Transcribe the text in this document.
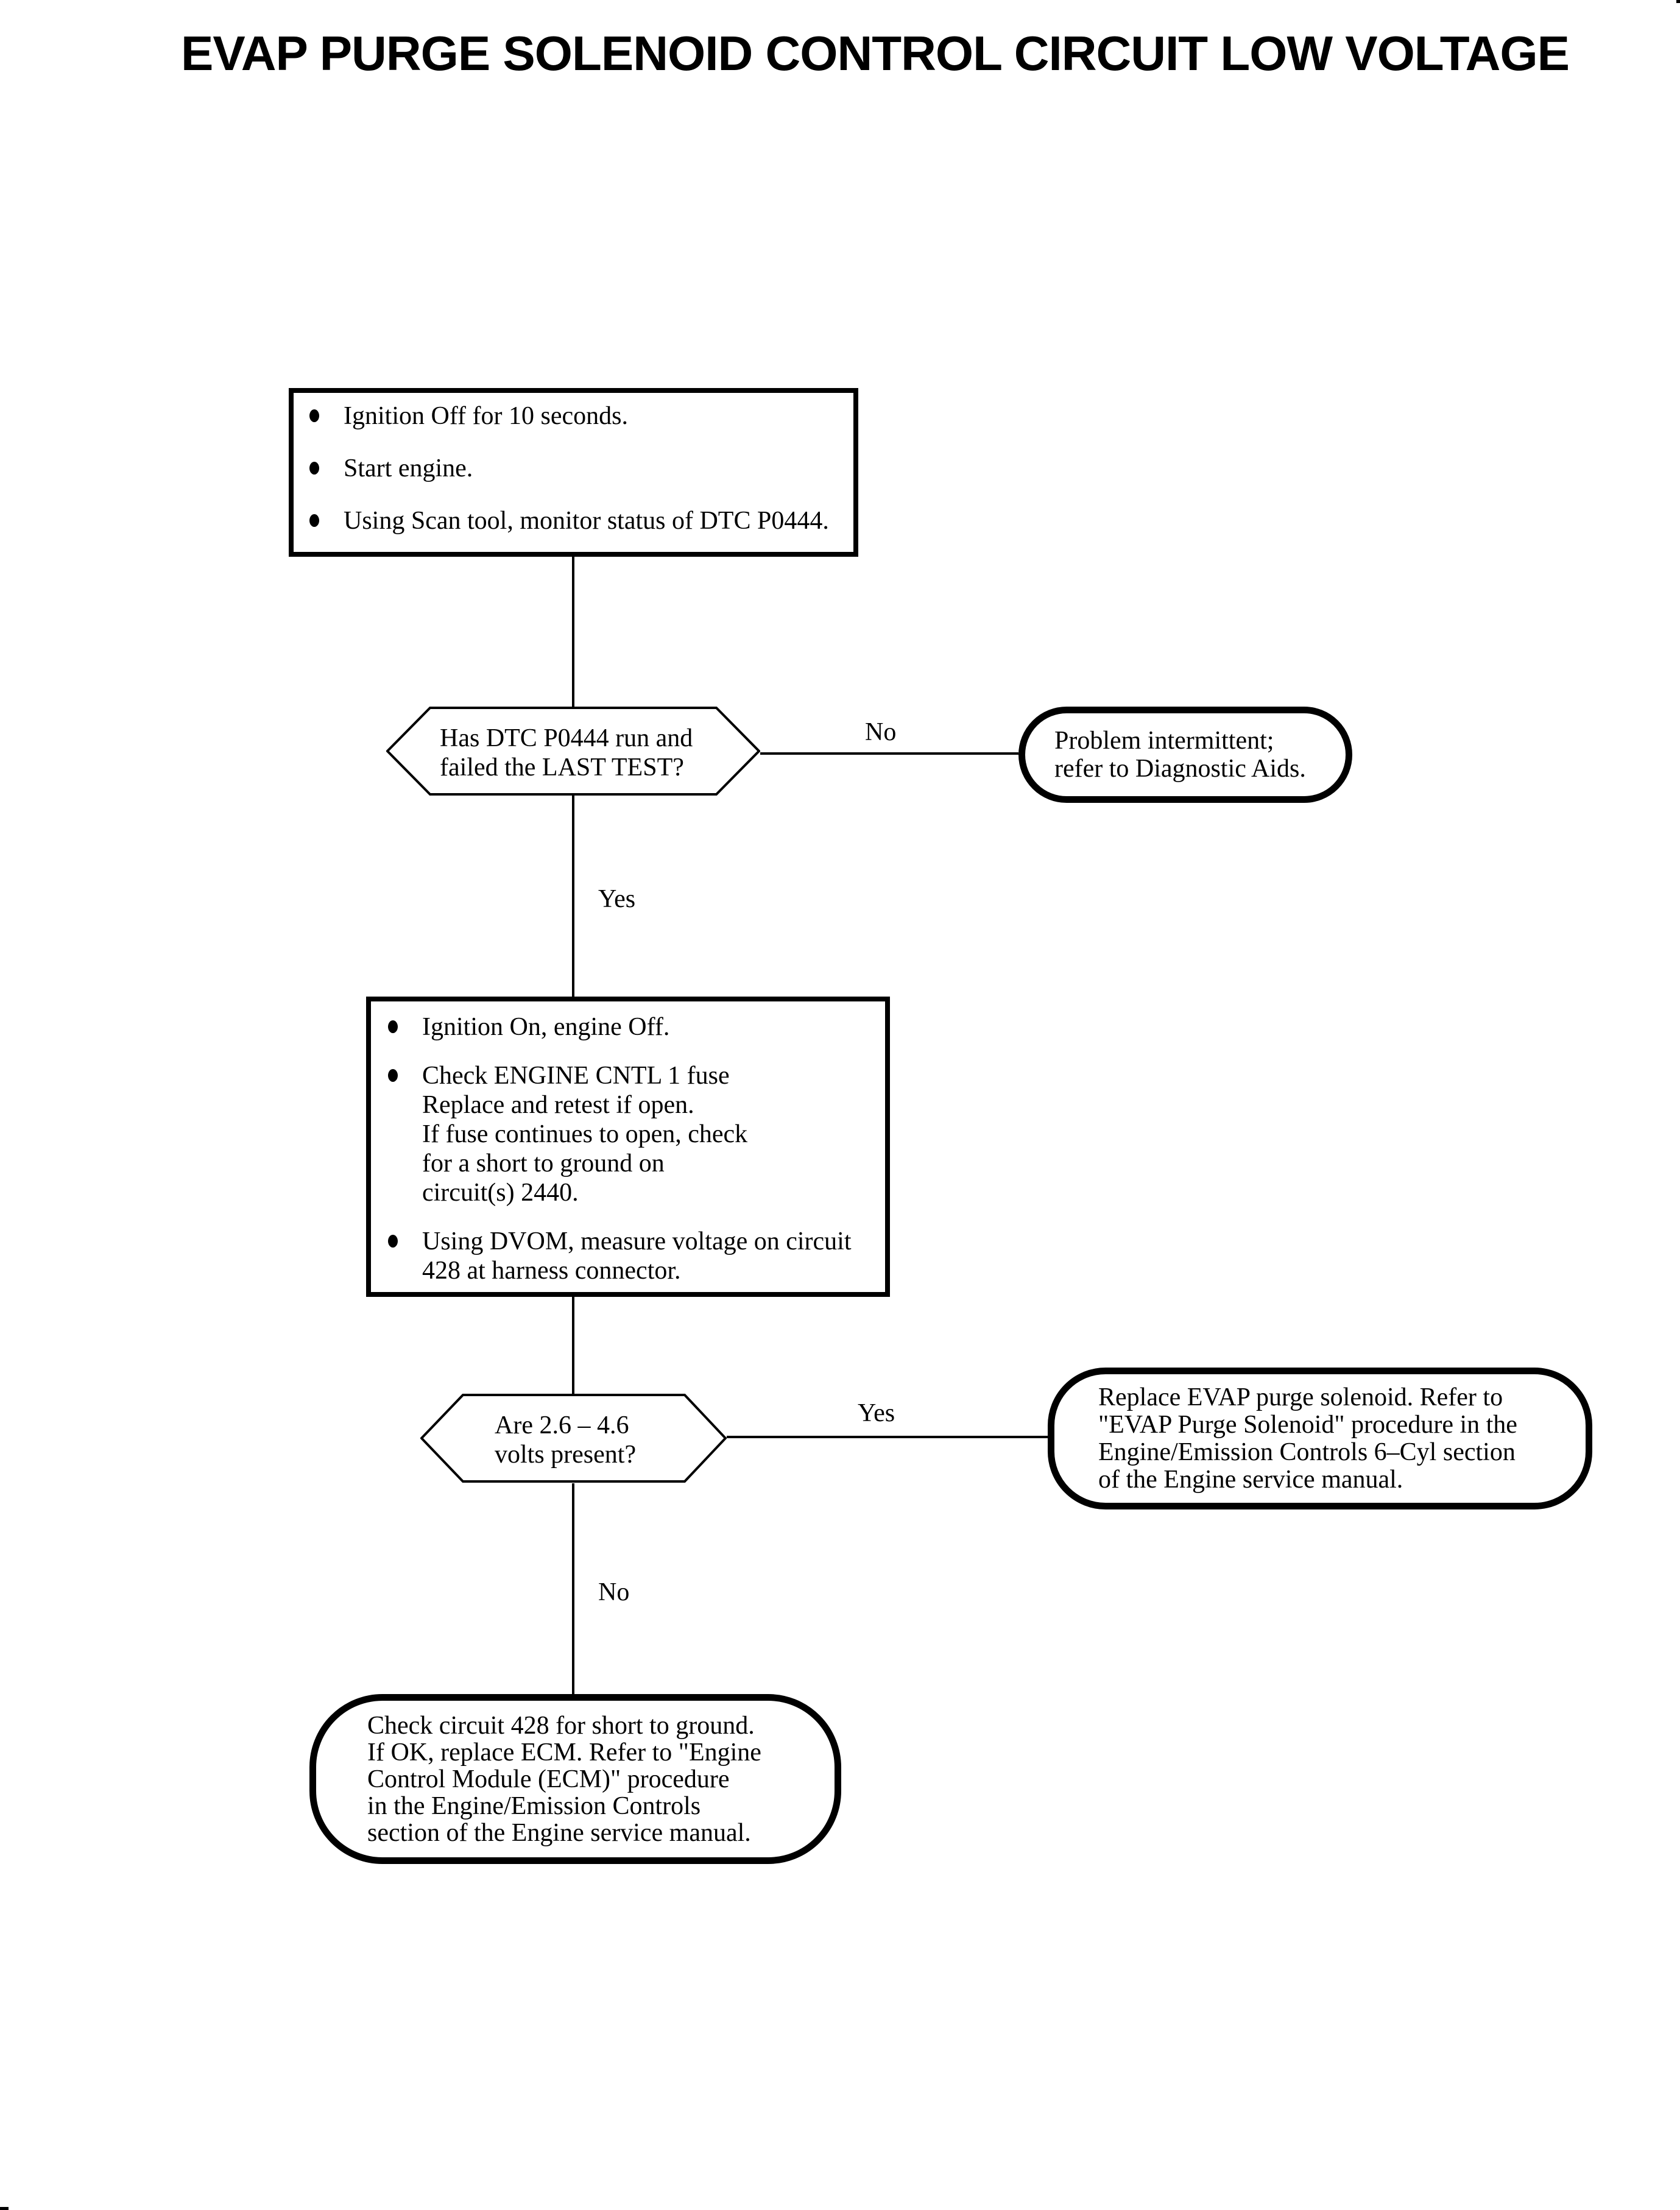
EVAP PURGE SOLENOID CONTROL CIRCUIT LOW VOLTAGE
Ignition Off for 10 seconds.
Start engine.
Using Scan tool, monitor status of DTC P0444.
Has DTC P0444 run and
failed the LAST TEST?
No	Problem intermittent;
refer to Diagnostic Aids.
Yes
Ignition On, engine Off.
Check ENGINE CNTL 1 fuse
Replace and retest if open.
If fuse continues to open, check
for a short to ground on
circuit(s) 2440.
Using DVOM, measure voltage on circuit
428 at harness connector.
Are 2.6 – 4.6
volts present?
Yes
Replace EVAP purge solenoid. Refer to
"EVAP Purge Solenoid" procedure in the
Engine/Emission Controls 6–Cyl section
of the Engine service manual.
No
Check circuit 428 for short to ground.
If OK, replace ECM. Refer to "Engine
Control Module (ECM)" procedure
in the Engine/Emission Controls
section of the Engine service manual.
